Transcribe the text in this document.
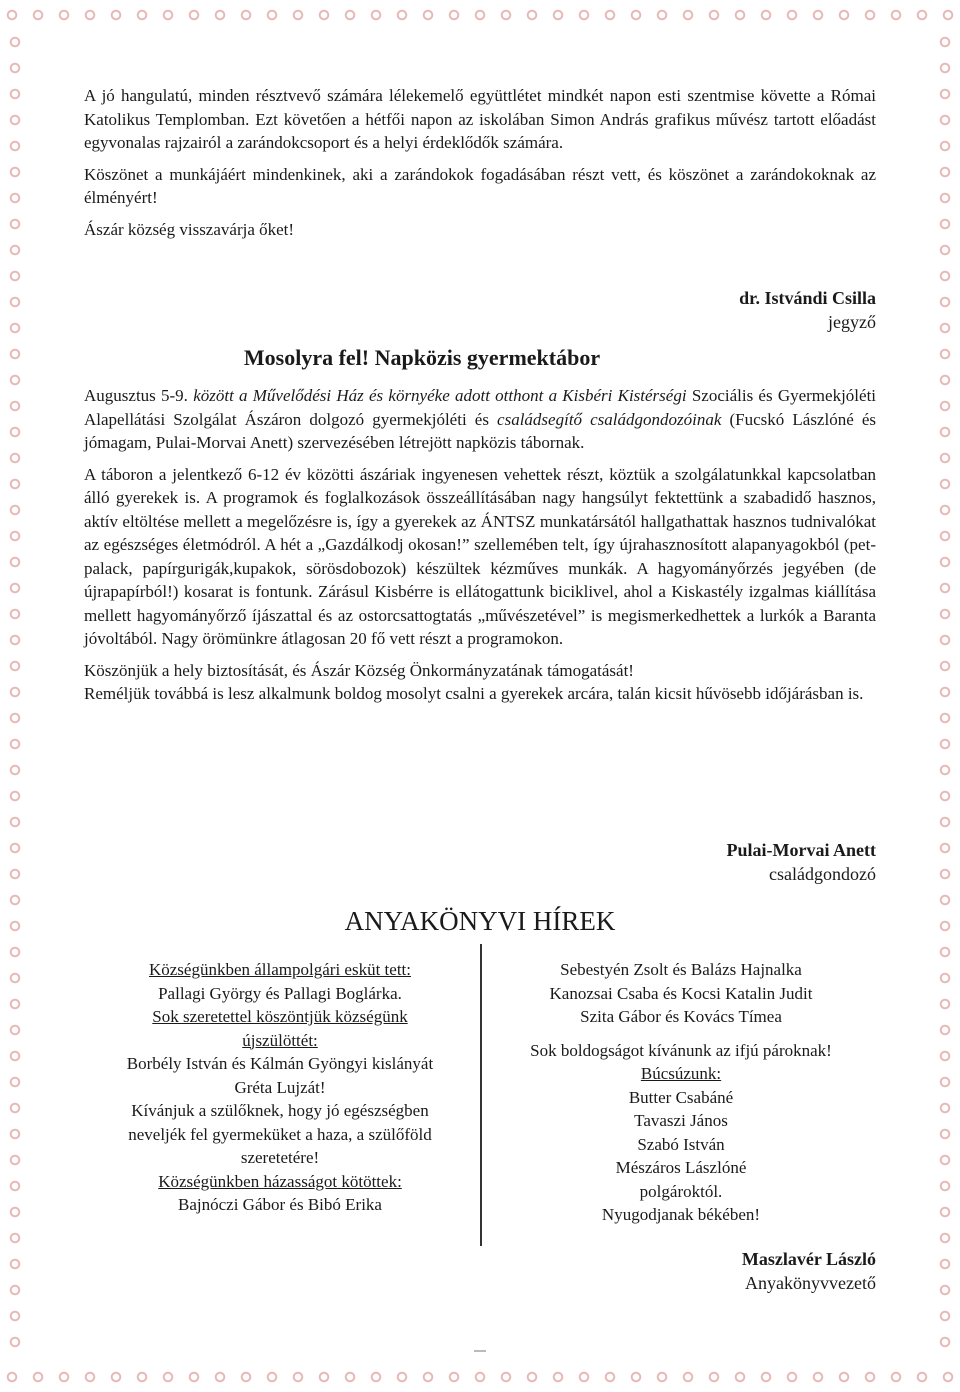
A jó hangulatú, minden résztvevő számára lélekemelő együttlétet mindkét napon esti szentmise követte a Római Katolikus Templomban. Ezt követően a hétfői napon az iskolában Simon András grafikus művész tartott előadást egyvonalas rajzairól a zarándokcsoport és a helyi érdeklődők számára.

Köszönet a munkájáért mindenkinek, aki a zarándokok fogadásában részt vett, és köszönet a zarándokoknak az élményért!

Ászár község visszavárja őket!

dr. Istvándi Csilla
jegyző
Mosolyra fel! Napközis gyermektábor

Augusztus 5-9. között a Művelődési Ház és környéke adott otthont a Kisbéri Kistérségi Szociális és Gyermekjóléti Alapellátási Szolgálat Ászáron dolgozó gyermekjóléti és családsegítő családgondozóinak (Fucskó Lászlóné és jómagam, Pulai-Morvai Anett) szervezésében létrejött napközis tábornak.

A táboron a jelentkező 6-12 év közötti ászáriak ingyenesen vehettek részt, köztük a szolgálatunkkal kapcsolatban álló gyerekek is. A programok és foglalkozások összeállításában nagy hangsúlyt fektettünk a szabadidő hasznos, aktív eltöltése mellett a megelőzésre is, így a gyerekek az ÁNTSZ munkatársától hallgathattak hasznos tudnivalókat az egészséges életmódról. A hét a „Gazdálkodj okosan!” szellemében telt, így újrahasznosított alapanyagokból (pet-palack, papírgurigák,kupakok, sörösdobozok) készültek kézműves munkák. A hagyományőrzés jegyében (de újrapapírból!) kosarat is fontunk. Zárásul Kisbérre is ellátogattunk biciklivel, ahol a Kiskastély izgalmas kiállítása mellett hagyományőrző íjászattal és az ostorcsattogtatás „művészetével” is megismerkedhettek a lurkók a Baranta jóvoltából. Nagy örömünkre átlagosan 20 fő vett részt a programokon.

Köszönjük a hely biztosítását, és Ászár Község Önkormányzatának támogatását!

Reméljük továbbá is lesz alkalmunk boldog mosolyt csalni a gyerekek arcára, talán kicsit hűvösebb időjárásban is.

Pulai-Morvai Anett
családgondozó
ANYAKÖNYVI HÍREK
Községünkben állampolgári esküt tett:
Pallagi György és Pallagi Boglárka.
Sok szeretettel köszöntjük községünk
újszülöttét:
Borbély István és Kálmán Gyöngyi kislányát
Gréta Lujzát!
Kívánjuk a szülőknek, hogy jó egészségben
neveljék fel gyermeküket a haza, a szülőföld
szeretetére!
Községünkben házasságot kötöttek:
Bajnóczi Gábor és Bibó Erika
Sebestyén Zsolt és Balázs Hajnalka
Kanozsai Csaba és Kocsi Katalin Judit
Szita Gábor és Kovács Tímea
Sok boldogságot kívánunk az ifjú pároknak!
Búcsúzunk:
Butter Csabáné
Tavaszi János
Szabó István
Mészáros Lászlóné
polgároktól.
Nyugodjanak békében!
Maszlavér László
Anyakönyvvezető
